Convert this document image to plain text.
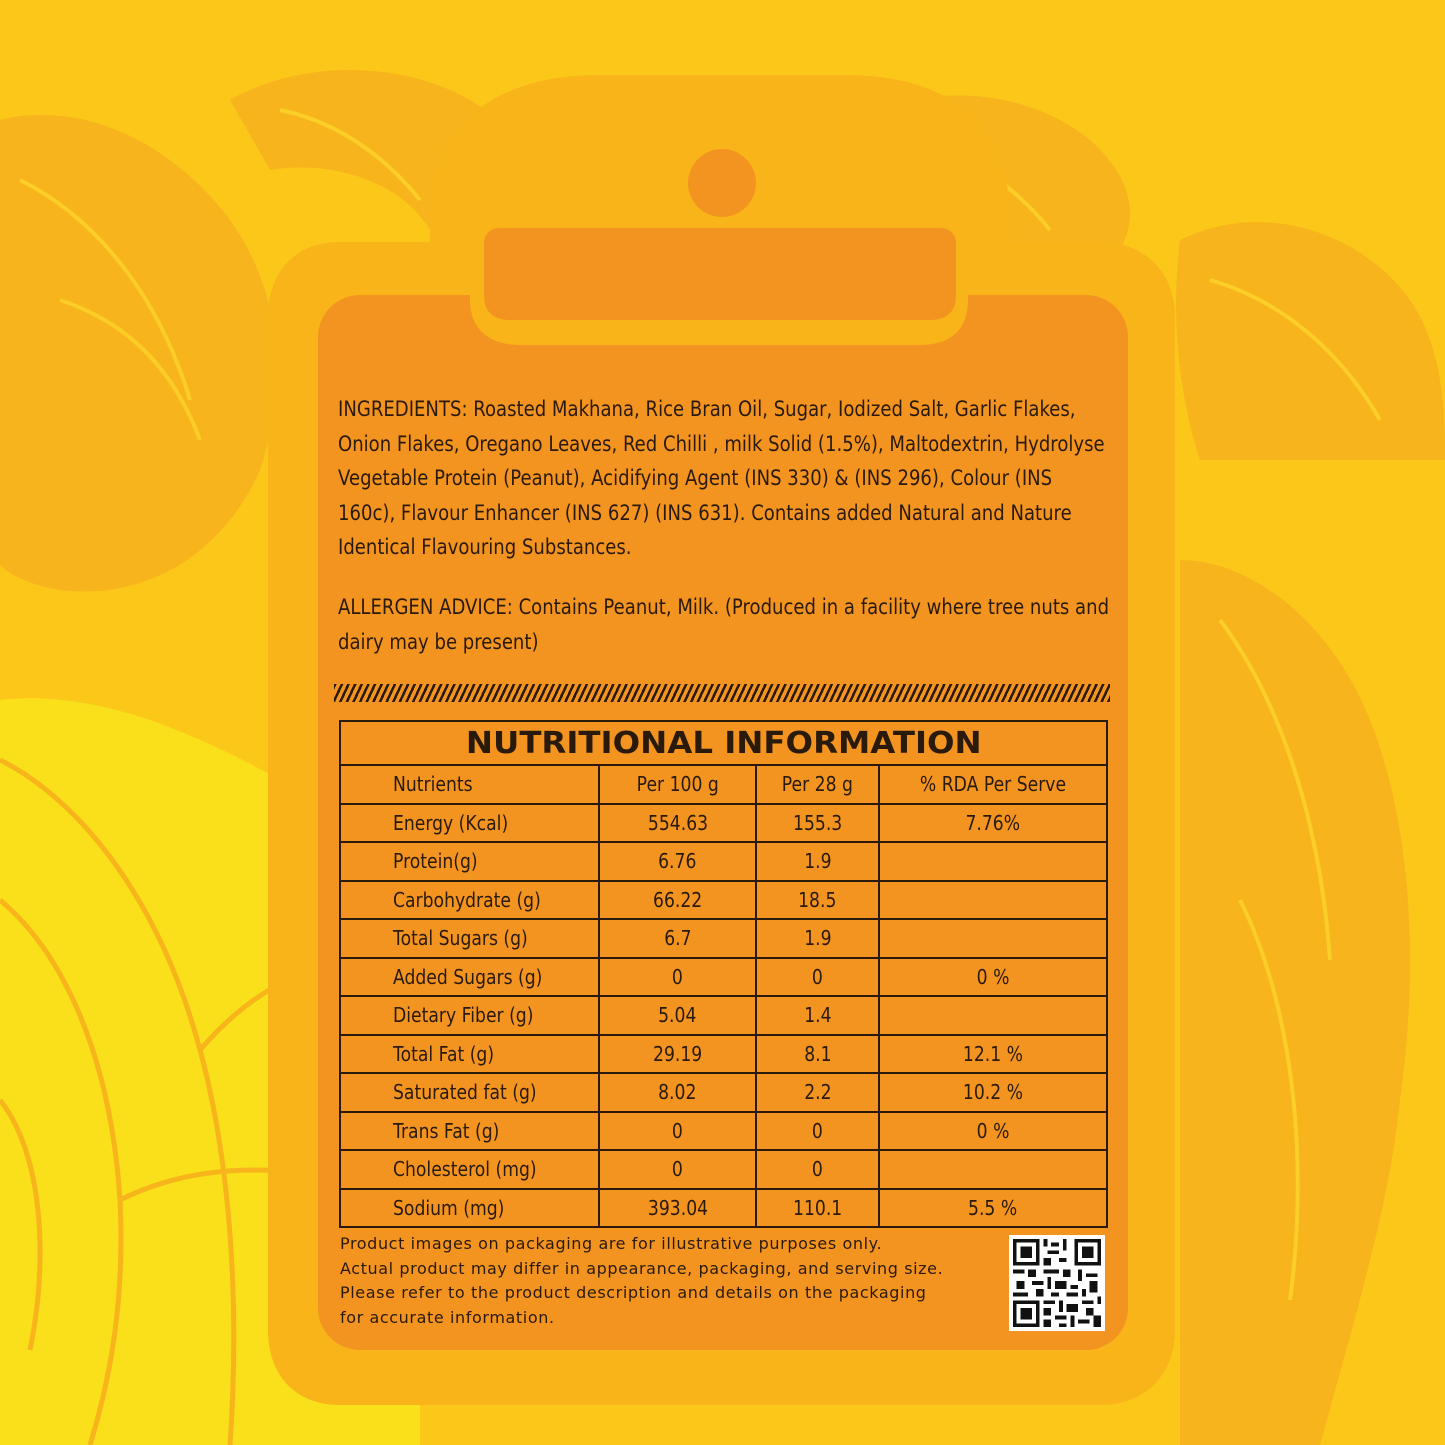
INGREDIENTS: Roasted Makhana, Rice Bran Oil, Sugar, Iodized Salt, Garlic Flakes, Onion Flakes, Oregano Leaves, Red Chilli , milk Solid (1.5%), Maltodextrin, Hydrolyse Vegetable Protein (Peanut), Acidifying Agent (INS 330) & (INS 296), Colour (INS 160c), Flavour Enhancer (INS 627) (INS 631). Contains added Natural and Nature Identical Flavouring Substances.
ALLERGEN ADVICE: Contains Peanut, Milk. (Produced in a facility where tree nuts and dairy may be present)
NUTRITIONAL INFORMATION			
Nutrients	Per 100 g	Per 28 g	% RDA Per Serve
Energy (Kcal)	554.63	155.3	7.76%
Protein(g)	6.76	1.9	
Carbohydrate (g)	66.22	18.5	
Total Sugars (g)	6.7	1.9	
Added Sugars (g)	0	0	0 %
Dietary Fiber (g)	5.04	1.4	
Total Fat (g)	29.19	8.1	12.1 %
Saturated fat (g)	8.02	2.2	10.2 %
Trans Fat (g)	0	0	0 %
Cholesterol (mg)	0	0	
Sodium (mg)	393.04	110.1	5.5 %
Product images on packaging are for illustrative purposes only.
Actual product may differ in appearance, packaging, and serving size.
Please refer to the product description and details on the packaging
for accurate information.
